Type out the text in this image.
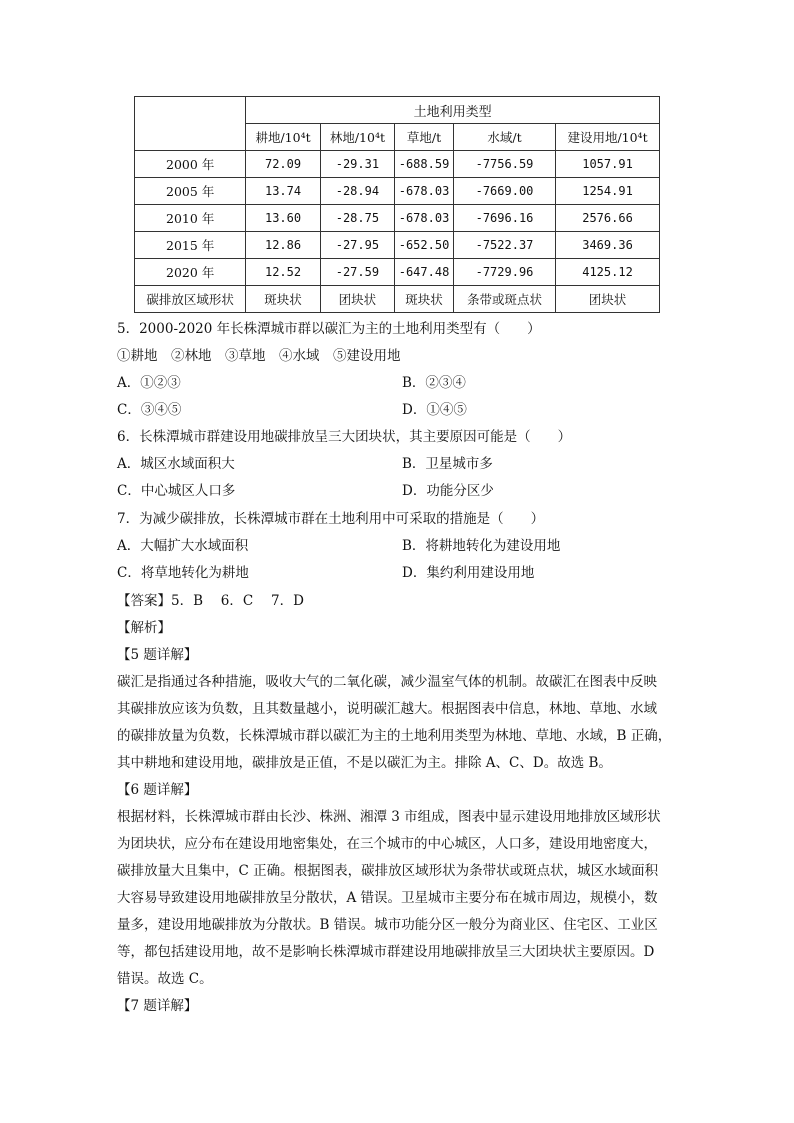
	土地利用类型				
	耕地/10⁴t	林地/10⁴t	草地/t	水域/t	建设用地/10⁴t
2000 年	72.09	-29.31	-688.59	-7756.59	1057.91
2005 年	13.74	-28.94	-678.03	-7669.00	1254.91
2010 年	13.60	-28.75	-678.03	-7696.16	2576.66
2015 年	12.86	-27.95	-652.50	-7522.37	3469.36
2020 年	12.52	-27.59	-647.48	-7729.96	4125.12
碳排放区域形状	斑块状	团块状	斑块状	条带或斑点状	团块状
5．2000-2020 年长株潭城市群以碳汇为主的土地利用类型有（　　）
①耕地　②林地　③草地　④水域　⑤建设用地
A．①②③	B．②③④
C．③④⑤	D．①④⑤
6．长株潭城市群建设用地碳排放呈三大团块状，其主要原因可能是（　　）
A．城区水域面积大	B．卫星城市多
C．中心城区人口多	D．功能分区少
7．为减少碳排放，长株潭城市群在土地利用中可采取的措施是（　　）
A．大幅扩大水域面积	B．将耕地转化为建设用地
C．将草地转化为耕地	D．集约利用建设用地
【答案】5．B　 6．C　 7．D
【解析】
【5 题详解】
碳汇是指通过各种措施，吸收大气的二氧化碳，减少温室气体的机制。故碳汇在图表中反映
其碳排放应该为负数，且其数量越小，说明碳汇越大。根据图表中信息，林地、草地、水域
的碳排放量为负数，长株潭城市群以碳汇为主的土地利用类型为林地、草地、水域，B 正确，
其中耕地和建设用地，碳排放是正值，不是以碳汇为主。排除 A、C、D。故选 B。
【6 题详解】
根据材料，长株潭城市群由长沙、株洲、湘潭 3 市组成，图表中显示建设用地排放区域形状
为团块状，应分布在建设用地密集处，在三个城市的中心城区，人口多，建设用地密度大，
碳排放量大且集中，C 正确。根据图表，碳排放区域形状为条带状或斑点状，城区水域面积
大容易导致建设用地碳排放呈分散状，A 错误。卫星城市主要分布在城市周边，规模小，数
量多，建设用地碳排放为分散状。B 错误。城市功能分区一般分为商业区、住宅区、工业区
等，都包括建设用地，故不是影响长株潭城市群建设用地碳排放呈三大团块状主要原因。D
错误。故选 C。
【7 题详解】
